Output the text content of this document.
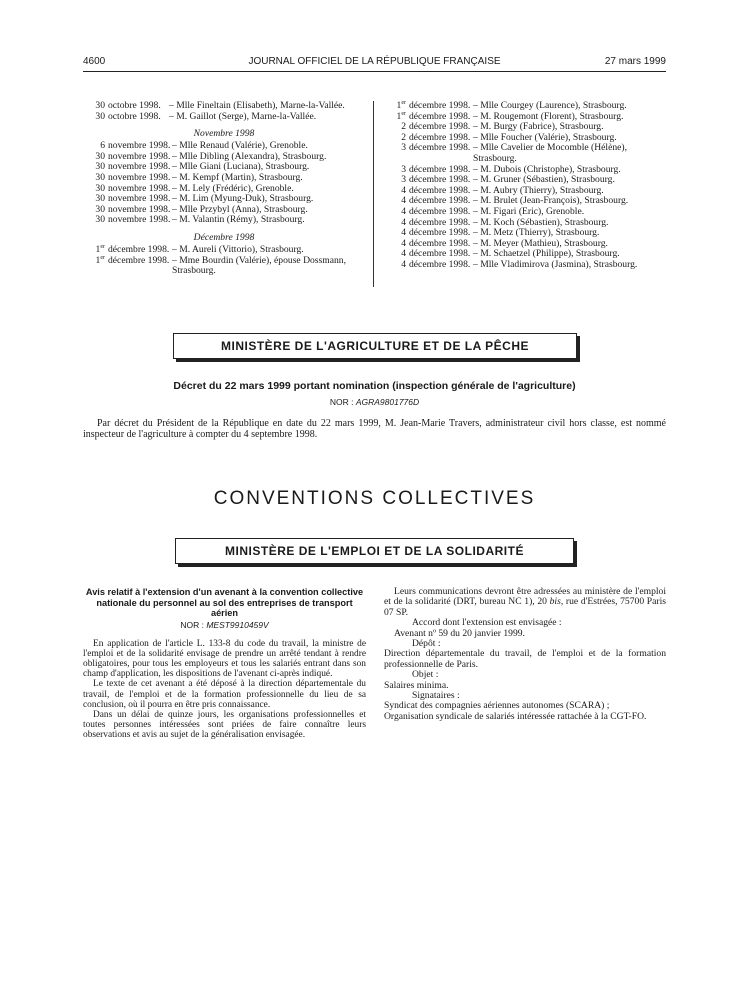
4600	JOURNAL OFFICIEL DE LA RÉPUBLIQUE FRANÇAISE	27 mars 1999
30 octobre 1998. – Mlle Fineltain (Elisabeth), Marne-la-Vallée.
30 octobre 1998. – M. Gaillot (Serge), Marne-la-Vallée.
Novembre 1998
6 novembre 1998. – Mlle Renaud (Valérie), Grenoble.
30 novembre 1998. – Mlle Dibling (Alexandra), Strasbourg.
30 novembre 1998. – Mlle Giani (Luciana), Strasbourg.
30 novembre 1998. – M. Kempf (Martin), Strasbourg.
30 novembre 1998. – M. Lely (Frédéric), Grenoble.
30 novembre 1998. – M. Lim (Myung-Duk), Strasbourg.
30 novembre 1998. – Mlle Przybyl (Anna), Strasbourg.
30 novembre 1998. – M. Valantin (Rémy), Strasbourg.
Décembre 1998
1er décembre 1998. – M. Aureli (Vittorio), Strasbourg.
1er décembre 1998. – Mme Bourdin (Valérie), épouse Dossmann, Strasbourg.
1er décembre 1998. – Mlle Courgey (Laurence), Strasbourg.
1er décembre 1998. – M. Rougemont (Florent), Strasbourg.
2 décembre 1998. – M. Burgy (Fabrice), Strasbourg.
2 décembre 1998. – Mlle Foucher (Valérie), Strasbourg.
3 décembre 1998. – Mlle Cavelier de Mocomble (Hélène), Strasbourg.
3 décembre 1998. – M. Dubois (Christophe), Strasbourg.
3 décembre 1998. – M. Gruner (Sébastien), Strasbourg.
4 décembre 1998. – M. Aubry (Thierry), Strasbourg.
4 décembre 1998. – M. Brulet (Jean-François), Strasbourg.
4 décembre 1998. – M. Figari (Eric), Grenoble.
4 décembre 1998. – M. Koch (Sébastien), Strasbourg.
4 décembre 1998. – M. Metz (Thierry), Strasbourg.
4 décembre 1998. – M. Meyer (Mathieu), Strasbourg.
4 décembre 1998. – M. Schaetzel (Philippe), Strasbourg.
4 décembre 1998. – Mlle Vladimirova (Jasmina), Strasbourg.
MINISTÈRE DE L'AGRICULTURE ET DE LA PÊCHE
Décret du 22 mars 1999 portant nomination (inspection générale de l'agriculture)
NOR : AGRA9801776D
Par décret du Président de la République en date du 22 mars 1999, M. Jean-Marie Travers, administrateur civil hors classe, est nommé inspecteur de l'agriculture à compter du 4 septembre 1998.
CONVENTIONS COLLECTIVES
MINISTÈRE DE L'EMPLOI ET DE LA SOLIDARITÉ
Avis relatif à l'extension d'un avenant à la convention collective nationale du personnel au sol des entreprises de transport aérien
NOR : MEST9910459V
En application de l'article L. 133-8 du code du travail, la ministre de l'emploi et de la solidarité envisage de prendre un arrêté tendant à rendre obligatoires, pour tous les employeurs et tous les salariés entrant dans son champ d'application, les dispositions de l'avenant ci-après indiqué.
Le texte de cet avenant a été déposé à la direction départementale du travail, de l'emploi et de la formation professionnelle du lieu de sa conclusion, où il pourra en être pris connaissance.
Dans un délai de quinze jours, les organisations professionnelles et toutes personnes intéressées sont priées de faire connaître leurs observations et avis au sujet de la généralisation envisagée.
Leurs communications devront être adressées au ministère de l'emploi et de la solidarité (DRT, bureau NC 1), 20 bis, rue d'Estrées, 75700 Paris 07 SP.
Accord dont l'extension est envisagée :
Avenant nº 59 du 20 janvier 1999.
Dépôt :
Direction départementale du travail, de l'emploi et de la formation professionnelle de Paris.
Objet :
Salaires minima.
Signataires :
Syndicat des compagnies aériennes autonomes (SCARA) ;
Organisation syndicale de salariés intéressée rattachée à la CGT-FO.
